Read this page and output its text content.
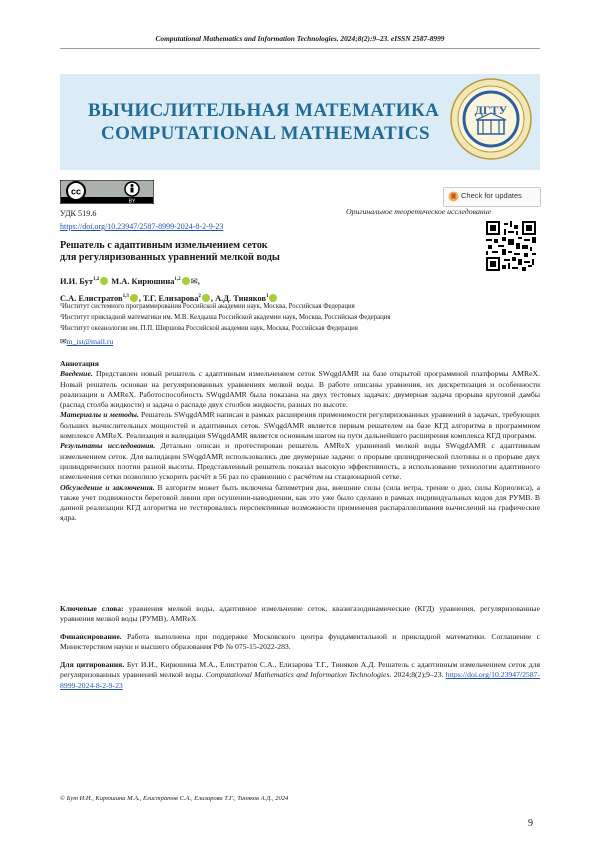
Computational Mathematics and Information Technologies. 2024;8(2):9–23. eISSN 2587-8999
ВЫЧИСЛИТЕЛЬНАЯ МАТЕМАТИКА
COMPUTATIONAL MATHEMATICS
ДГТУ
cc
BY
Check for updates
УДК 519.6	Оригинальное теоретическое исследование
https://doi.org/10.23947/2587-8999-2024-8-2-9-23
Решатель с адаптивным измельчением сеток
для регуляризованных уравнений мелкой воды
И.И. Бут$^{1,2}$ М.А. Кирюшина$^{1,2}$ ✉,
С.А. Елистратов$^{1,3}$ , Т.Г. Елизарова$^2$ , А.Д. Тиняков$^1$
¹Институт системного программирования Российской академии наук, Москва, Российская Федерация
²Институт прикладной математики им. М.В. Келдыша Российской академии наук, Москва, Российская Федерация
³Институт океанологии им. П.П. Ширшова Российской академии наук, Москва, Российская Федерация
✉m_ist@mail.ru

Аннотация

Введение. Представлен новый решатель с адаптивным измельчением сеток SWqgdAMR на базе открытой программной платформы AMReX. Новый решатель основан на регуляризованных уравнениях мелкой воды. В работе описаны уравнения, их дискретизация и особенности реализации в AMReX. Работоспособность SWqgdAMR была показана на двух тестовых задачах: двумерная задача прорыва круговой дамбы (распад столба жидкости) и задача о распаде двух столбов жидкости, разных по высоте.

Материалы и методы. Решатель SWqgdAMR написан в рамках расширения применимости регуляризованных уравнений в задачах, требующих больших вычислительных мощностей и адаптивных сеток. SWqgdAMR является первым решателем на базе КГД алгоритма в программном комплексе AMReX. Реализация и валидация SWqgdAMR является основным шагом на пути дальнейшего расширения комплекса КГД программ.

Результаты исследования. Детально описан и протестирован решатель AMReX уравнений мелкой воды SWqgdAMR с адаптивным измельчением сеток. Для валидации SWqgdAMR использовались две двумерные задачи: о прорыве цилиндрической плотины и о прорыве двух цилиндрических плотин разной высоты. Представленный решатель показал высокую эффективность, а использование технологии адаптивного измельчения сетки позволило ускорить расчёт в 56 раз по сравнению с расчётом на стационарной сетке.

Обсуждение и заключения. В алгоритм может быть включена батиметрия дна, внешние силы (сила ветра, трение о дно, силы Кориолиса), а также учет подвижности береговой линии при осушении-наводнении, как это уже было сделано в рамках индивидуальных кодов для РУМВ. В данной реализации КГД алгоритма не тестировались перспективные возможности применения распараллеливания вычислений на графические ядра.

Ключевые слова: уравнения мелкой воды, адаптивное измельчение сеток, квазигазодинамические (КГД) уравнения, регуляризованные уравнения мелкой воды (РУМВ), AMReX

Финансирование. Работа выполнена при поддержке Московского центра фундаментальной и прикладной математики. Соглашение с Министерством науки и высшего образования РФ № 075-15-2022-283.

Для цитирования. Бут И.И., Кирюшина М.А., Елистратов С.А., Елизарова Т.Г., Тиняков А.Д. Решатель с адаптивным измельчением сеток для регуляризованных уравнений мелкой воды. Computational Mathematics and Information Technologies. 2024;8(2);9–23. https://doi.org/10.23947/2587-8999-2024-8-2-9-23

© Бут И.И., Кирюшина М.А., Елистратов С.А., Елизарова Т.Г., Тиняков А.Д., 2024
9
